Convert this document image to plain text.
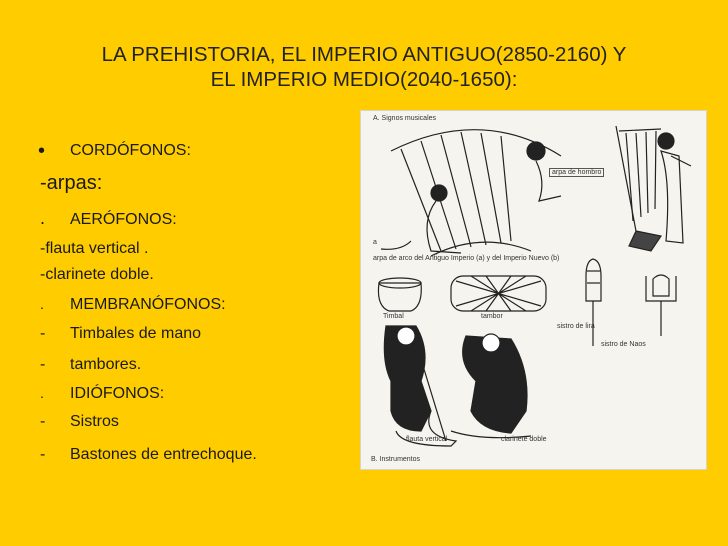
LA PREHISTORIA, EL IMPERIO ANTIGUO(2850-2160) Y
EL IMPERIO MEDIO(2040-1650):
• CORDÓFONOS:
-arpas:
. AERÓFONOS:
-flauta vertical .
-clarinete doble.
. MEMBRANÓFONOS:
- Timbales de mano
- tambores.
. IDIÓFONOS:
- Sistros
- Bastones de entrechoque.
A. Signos musicales
arpa de hombro
a
arpa de arco del Antiguo Imperio (a) y del Imperio Nuevo (b)
Timbal	tambor
sistro de lira
sistro de Naos
flauta vertical	clarinete doble
B. Instrumentos
